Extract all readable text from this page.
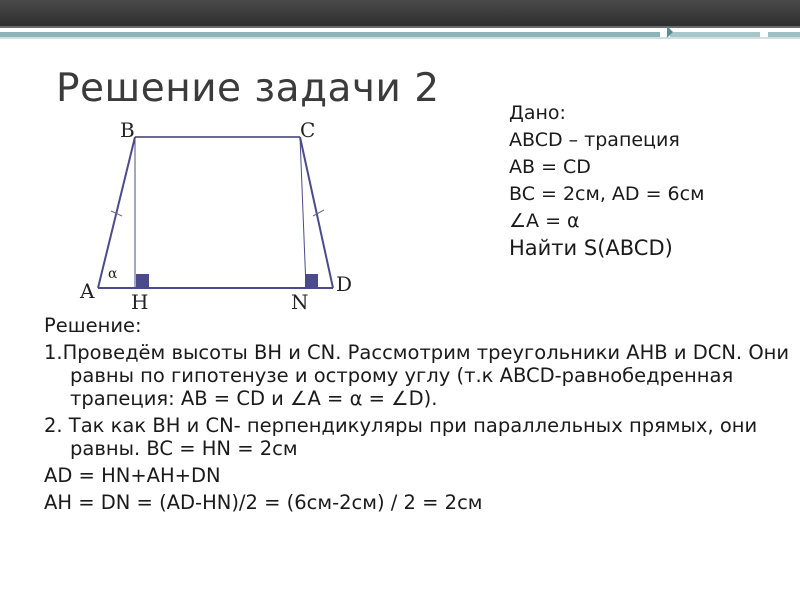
Решение задачи 2
Дано:
ABCD – трапеция
AB = CD
BC = 2см, AD = 6см
∠A = α
Найти S(ABCD)
B	C
A	D
H	N
α

Решение:

1.Проведём высоты BH и CN. Рассмотрим треугольники AHB и DCN. Они равны по гипотенузе и острому углу (т.к ABCD-равнобедренная трапеция: AB = CD и ∠A = α = ∠D).

2. Так как BH и CN- перпендикуляры при параллельных прямых, они равны. BC = HN = 2см

AD = HN+AH+DN

AH = DN = (AD-HN)/2 = (6см-2см) / 2 = 2см
